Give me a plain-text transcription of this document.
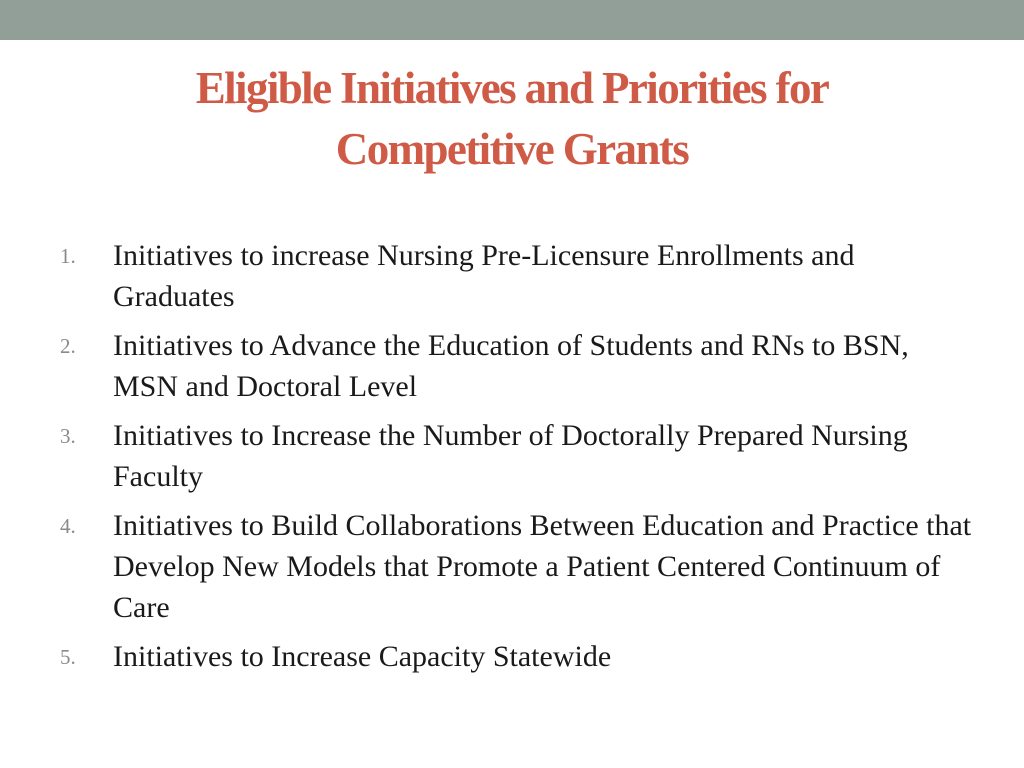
Eligible Initiatives and Priorities for
Competitive Grants
1. Initiatives to increase Nursing Pre-Licensure Enrollments and Graduates
2. Initiatives to Advance the Education of Students and RNs to BSN, MSN and Doctoral Level
3. Initiatives to Increase the Number of Doctorally Prepared Nursing Faculty
4. Initiatives to Build Collaborations Between Education and Practice that Develop New Models that Promote a Patient Centered Continuum of Care
5. Initiatives to Increase Capacity Statewide
